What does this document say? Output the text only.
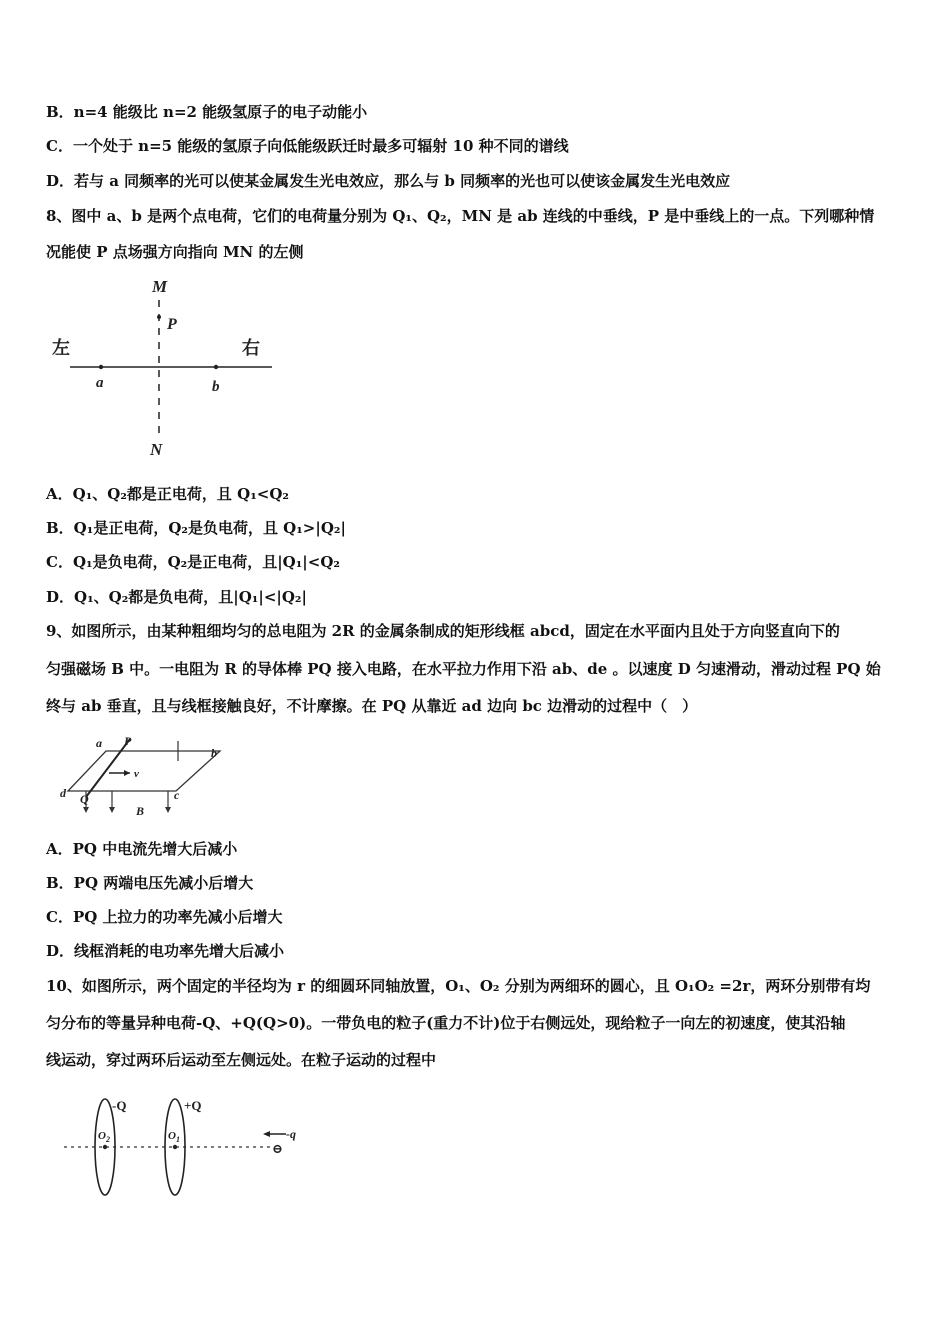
B．n=4 能级比 n=2 能级氢原子的电子动能小
C．一个处于 n=5 能级的氢原子向低能级跃迁时最多可辐射 10 种不同的谱线
D．若与 a 同频率的光可以使某金属发生光电效应，那么与 b 同频率的光也可以使该金属发生光电效应
8、图中 a、b 是两个点电荷，它们的电荷量分别为 Q₁、Q₂，MN 是 ab 连线的中垂线，P 是中垂线上的一点。下列哪种情
况能使 P 点场强方向指向 MN 的左侧
M
P
N
a	b
左	右
A．Q₁、Q₂都是正电荷，且 Q₁<Q₂
B．Q₁是正电荷，Q₂是负电荷，且 Q₁>|Q₂|
C．Q₁是负电荷，Q₂是正电荷，且|Q₁|<Q₂
D．Q₁、Q₂都是负电荷，且|Q₁|<|Q₂|
9、如图所示，由某种粗细均匀的总电阻为 2R 的金属条制成的矩形线框 abcd，固定在水平面内且处于方向竖直向下的
匀强磁场 B 中。一电阻为 R 的导体棒 PQ 接入电路，在水平拉力作用下沿 ab、de 。以速度 D 匀速滑动，滑动过程 PQ 始
终与 ab 垂直，且与线框接触良好，不计摩擦。在 PQ 从靠近 ad 边向 bc 边滑动的过程中（　）
a P
b
d Q	c
v
B
A．PQ 中电流先增大后减小
B．PQ 两端电压先减小后增大
C．PQ 上拉力的功率先减小后增大
D．线框消耗的电功率先增大后减小
10、如图所示，两个固定的半径均为 r 的细圆环同轴放置，O₁、O₂ 分别为两细环的圆心，且 O₁O₂ =2r，两环分别带有均
匀分布的等量异种电荷-Q、+Q(Q>0)。一带负电的粒子(重力不计)位于右侧远处，现给粒子一向左的初速度，使其沿轴
线运动，穿过两环后运动至左侧远处。在粒子运动的过程中
-Q	+Q
O 2	O 1	-q
⊖
